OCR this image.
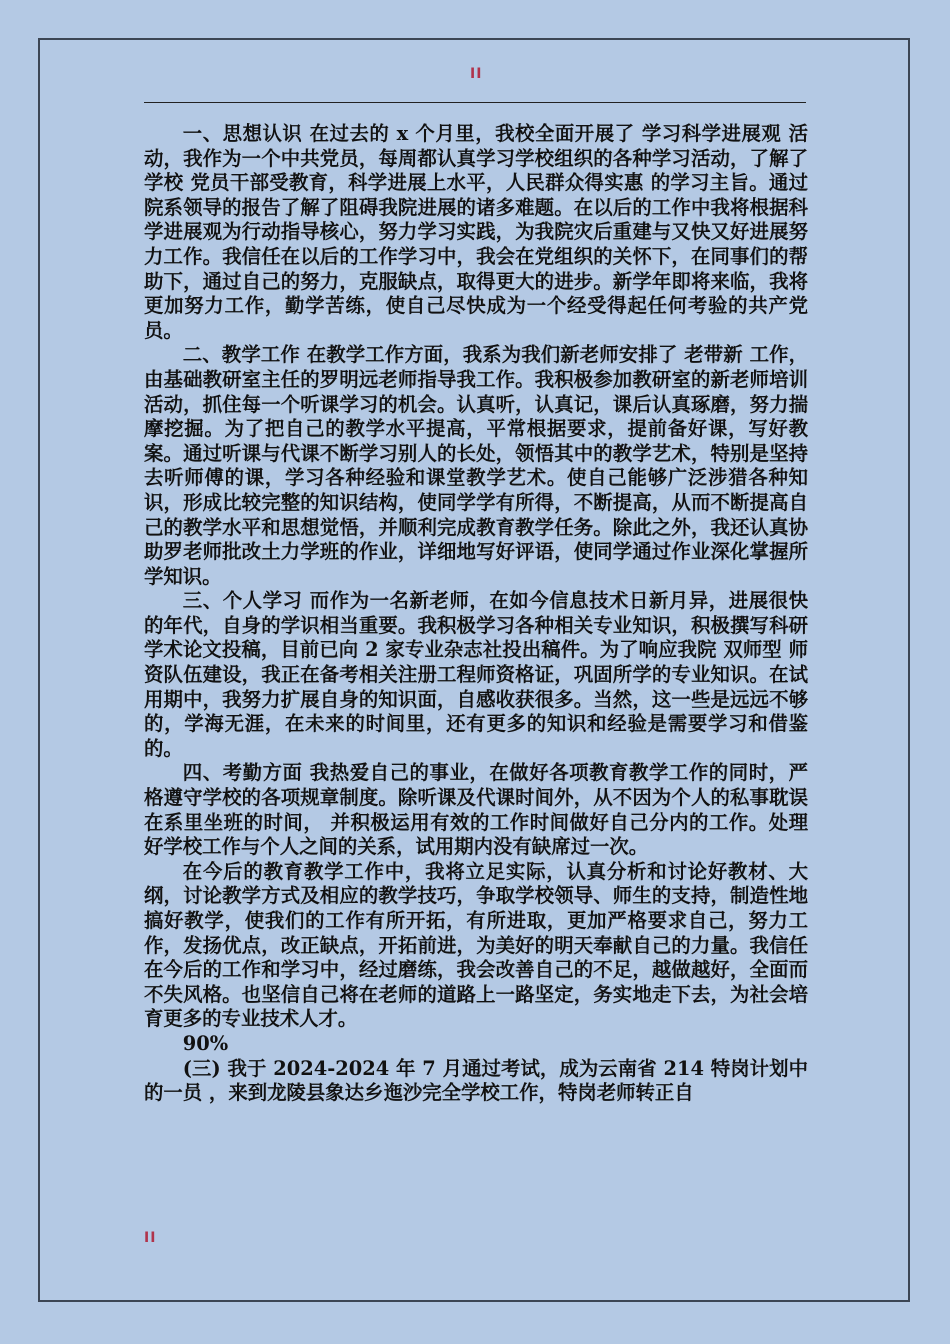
II

一、思想认识 在过去的 x 个月里，我校全面开展了 学习科学进展观 活动，我作为一个中共党员，每周都认真学习学校组织的各种学习活动，了解了学校 党员干部受教育，科学进展上水平，人民群众得实惠 的学习主旨。通过院系领导的报告了解了阻碍我院进展的诸多难题。在以后的工作中我将根据科学进展观为行动指导核心，努力学习实践，为我院灾后重建与又快又好进展努力工作。我信任在以后的工作学习中，我会在党组织的关怀下，在同事们的帮助下，通过自己的努力，克服缺点，取得更大的进步。新学年即将来临，我将更加努力工作，勤学苦练，使自己尽快成为一个经受得起任何考验的共产党员。

二、教学工作 在教学工作方面，我系为我们新老师安排了 老带新 工作，由基础教研室主任的罗明远老师指导我工作。我积极参加教研室的新老师培训活动，抓住每一个听课学习的机会。认真听，认真记，课后认真琢磨，努力揣摩挖掘。为了把自己的教学水平提高，平常根据要求，提前备好课，写好教案。通过听课与代课不断学习别人的长处，领悟其中的教学艺术，特别是坚持去听师傅的课，学习各种经验和课堂教学艺术。使自己能够广泛涉猎各种知识，形成比较完整的知识结构，使同学学有所得，不断提高，从而不断提高自己的教学水平和思想觉悟，并顺利完成教育教学任务。除此之外，我还认真协助罗老师批改土力学班的作业，详细地写好评语，使同学通过作业深化掌握所学知识。

三、个人学习 而作为一名新老师，在如今信息技术日新月异，进展很快的年代，自身的学识相当重要。我积极学习各种相关专业知识，积极撰写科研学术论文投稿，目前已向 2 家专业杂志社投出稿件。为了响应我院 双师型 师资队伍建设，我正在备考相关注册工程师资格证，巩固所学的专业知识。在试用期中，我努力扩展自身的知识面，自感收获很多。当然，这一些是远远不够的，学海无涯，在未来的时间里，还有更多的知识和经验是需要学习和借鉴的。

四、考勤方面 我热爱自己的事业，在做好各项教育教学工作的同时，严格遵守学校的各项规章制度。除听课及代课时间外，从不因为个人的私事耽误在系里坐班的时间， 并积极运用有效的工作时间做好自己分内的工作。处理好学校工作与个人之间的关系，试用期内没有缺席过一次。

在今后的教育教学工作中，我将立足实际，认真分析和讨论好教材、大纲，讨论教学方式及相应的教学技巧，争取学校领导、师生的支持，制造性地搞好教学，使我们的工作有所开拓，有所进取，更加严格要求自己，努力工作，发扬优点，改正缺点，开拓前进，为美好的明天奉献自己的力量。我信任在今后的工作和学习中，经过磨练，我会改善自己的不足，越做越好，全面而不失风格。也坚信自己将在老师的道路上一路坚定，务实地走下去，为社会培育更多的专业技术人才。

90%

(三) 我于 2024-2024 年 7 月通过考试，成为云南省 214 特岗计划中的一员 ，来到龙陵县象达乡迤沙完全学校工作，特岗老师转正自

II
